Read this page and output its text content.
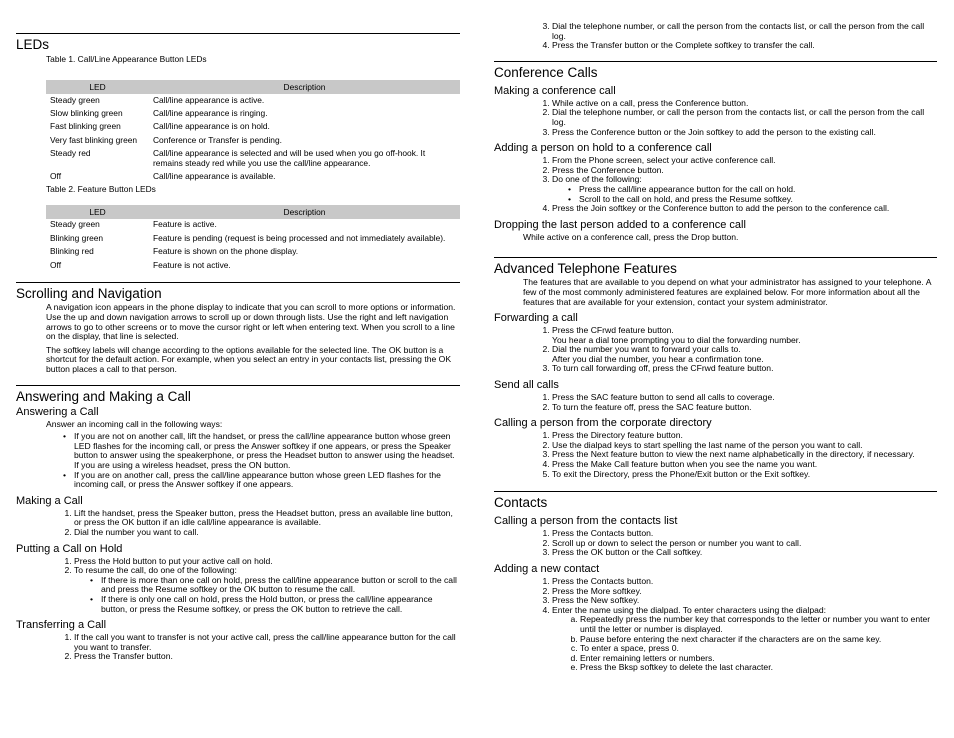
LEDs
Table 1. Call/Line Appearance Button LEDs
LED	Description
Steady green	Call/line appearance is active.
Slow blinking green	Call/line appearance is ringing.
Fast blinking green	Call/line appearance is on hold.
Very fast blinking green	Conference or Transfer is pending.
Steady red	Call/line appearance is selected and will be used when you go off-hook. It remains steady red while you use the call/line appearance.
Off	Call/line appearance is available.
Table 2. Feature Button LEDs
LED	Description
Steady green	Feature is active.
Blinking green	Feature is pending (request is being processed and not immediately available).
Blinking red	Feature is shown on the phone display.
Off	Feature is not active.
Scrolling and Navigation

A navigation icon appears in the phone display to indicate that you can scroll to more options or information. Use the up and down navigation arrows to scroll up or down through lists. Use the right and left navigation arrows to go to other screens or to move the cursor right or left when entering text. When you scroll to a line on the display, that line is selected.

The softkey labels will change according to the options available for the selected line. The OK button is a shortcut for the default action. For example, when you select an entry in your contacts list, pressing the OK button places a call to that person.

Answering and Making a Call
Answering a Call

Answer an incoming call in the following ways:

• If you are not on another call, lift the handset, or press the call/line appearance button whose green LED flashes for the incoming call, or press the Answer softkey if one appears, or press the Speaker button to answer using the speakerphone, or press the Headset button to answer using the headset. If you are using a wireless headset, press the ON button.
• If you are on another call, press the call/line appearance button whose green LED flashes for the incoming call, or press the Answer softkey if one appears.
Making a Call
1. Lift the handset, press the Speaker button, press the Headset button, press an available line button, or press the OK button if an idle call/line appearance is available.
2. Dial the number you want to call.
Putting a Call on Hold
1. Press the Hold button to put your active call on hold.
2. To resume the call, do one of the following:
• If there is more than one call on hold, press the call/line appearance button or scroll to the call and press the Resume softkey or the OK button to resume the call.
• If there is only one call on hold, press the Hold button, or press the call/line appearance button, or press the Resume softkey, or press the OK button to retrieve the call.
Transferring a Call
1. If the call you want to transfer is not your active call, press the call/line appearance button for the call you want to transfer.
2. Press the Transfer button.
3. Dial the telephone number, or call the person from the contacts list, or call the person from the call log.
4. Press the Transfer button or the Complete softkey to transfer the call.
Conference Calls
Making a conference call
1. While active on a call, press the Conference button.
2. Dial the telephone number, or call the person from the contacts list, or call the person from the call log.
3. Press the Conference button or the Join softkey to add the person to the existing call.
Adding a person on hold to a conference call
1. From the Phone screen, select your active conference call.
2. Press the Conference button.
3. Do one of the following:
• Press the call/line appearance button for the call on hold.
• Scroll to the call on hold, and press the Resume softkey.
4. Press the Join softkey or the Conference button to add the person to the conference call.
Dropping the last person added to a conference call

While active on a conference call, press the Drop button.

Advanced Telephone Features

The features that are available to you depend on what your administrator has assigned to your telephone. A few of the most commonly administered features are explained below. For more information about all the features that are available for your extension, contact your system administrator.

Forwarding a call
1. Press the CFrwd feature button.
You hear a dial tone prompting you to dial the forwarding number.
2. Dial the number you want to forward your calls to.
After you dial the number, you hear a confirmation tone.
3. To turn call forwarding off, press the CFrwd feature button.
Send all calls
1. Press the SAC feature button to send all calls to coverage.
2. To turn the feature off, press the SAC feature button.
Calling a person from the corporate directory
1. Press the Directory feature button.
2. Use the dialpad keys to start spelling the last name of the person you want to call.
3. Press the Next feature button to view the next name alphabetically in the directory, if necessary.
4. Press the Make Call feature button when you see the name you want.
5. To exit the Directory, press the Phone/Exit button or the Exit softkey.
Contacts
Calling a person from the contacts list
1. Press the Contacts button.
2. Scroll up or down to select the person or number you want to call.
3. Press the OK button or the Call softkey.
Adding a new contact
1. Press the Contacts button.
2. Press the More softkey.
3. Press the New softkey.
4. Enter the name using the dialpad. To enter characters using the dialpad:
a. Repeatedly press the number key that corresponds to the letter or number you want to enter until the letter or number is displayed.
b. Pause before entering the next character if the characters are on the same key.
c. To enter a space, press 0.
d. Enter remaining letters or numbers.
e. Press the Bksp softkey to delete the last character.
